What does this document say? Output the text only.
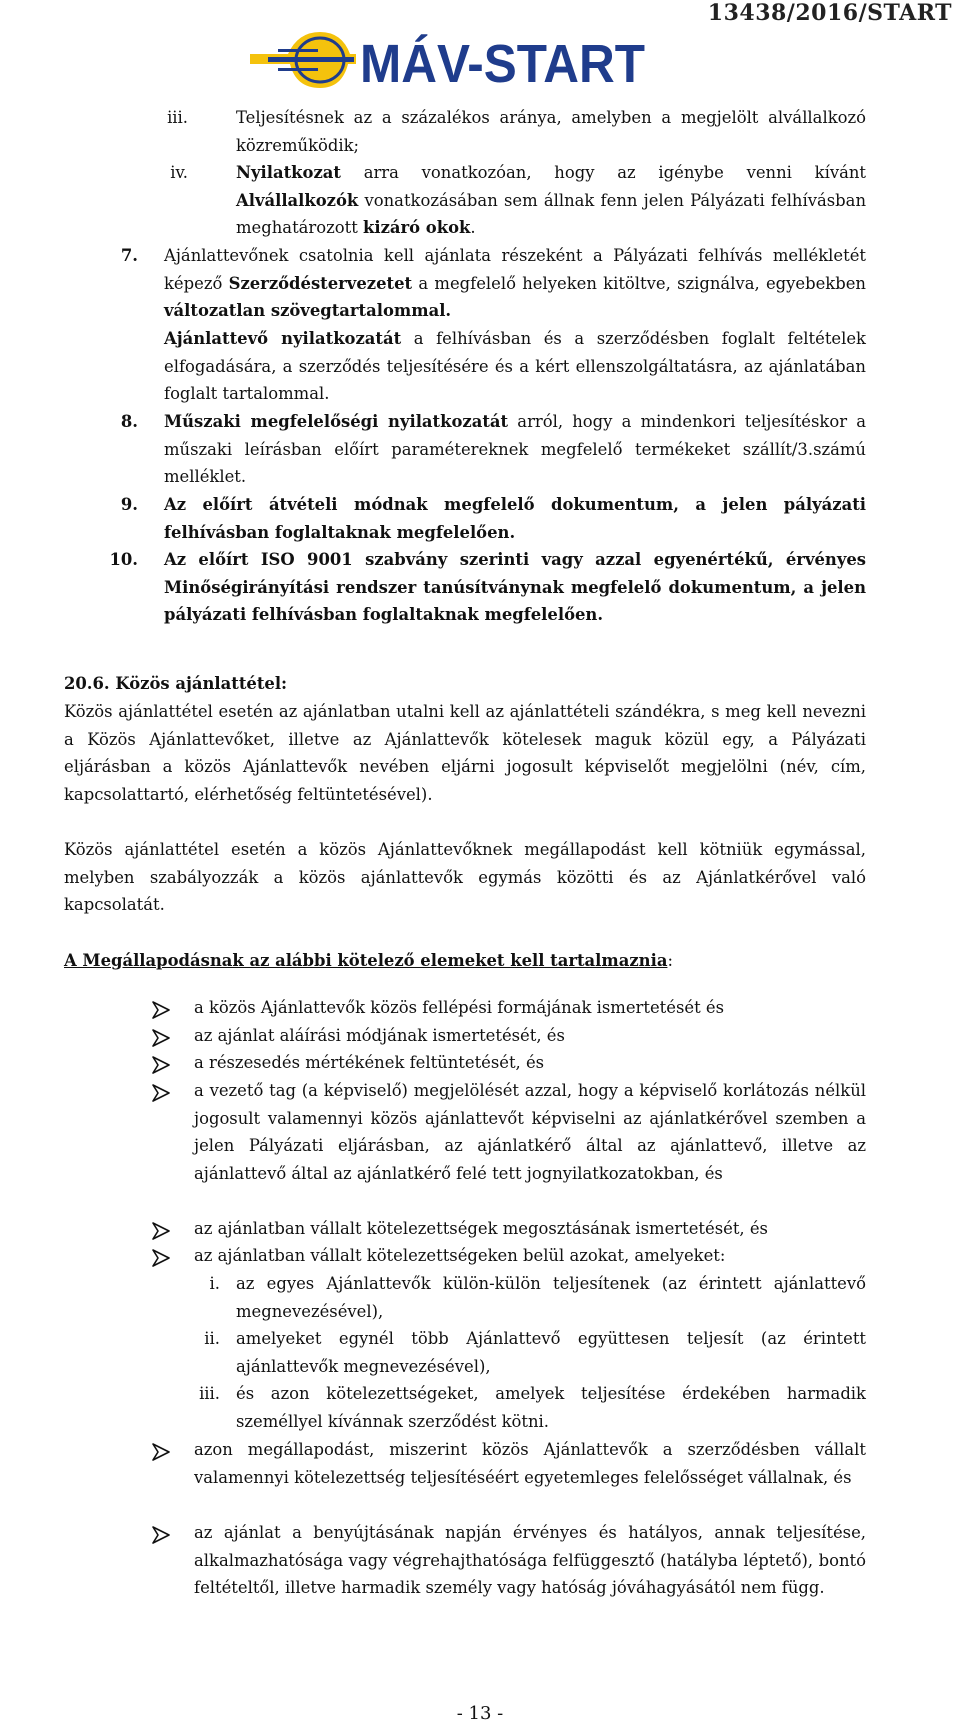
13438/2016/START
MÁV-START
iii.	Teljesítésnek az a százalékos aránya, amelyben a megjelölt alvállalkozó közreműködik;
iv.	Nyilatkozat arra vonatkozóan, hogy az igénybe venni kívánt Alvállalkozók vonatkozásában sem állnak fenn jelen Pályázati felhívásban meghatározott kizáró okok.
7. Ajánlattevőnek csatolnia kell ajánlata részeként a Pályázati felhívás mellékletét képező Szerződéstervezetet a megfelelő helyeken kitöltve, szignálva, egyebekben változatlan szövegtartalommal.
Ajánlattevő nyilatkozatát a felhívásban és a szerződésben foglalt feltételek elfogadására, a szerződés teljesítésére és a kért ellenszolgáltatásra, az ajánlatában foglalt tartalommal.
8. Műszaki megfelelőségi nyilatkozatát arról, hogy a mindenkori teljesítéskor a műszaki leírásban előírt paramétereknek megfelelő termékeket szállít/3.számú melléklet.
9. Az előírt átvételi módnak megfelelő dokumentum, a jelen pályázati felhívásban foglaltaknak megfelelően.
10. Az előírt ISO 9001 szabvány szerinti vagy azzal egyenértékű, érvényes Minőségirányítási rendszer tanúsítványnak megfelelő dokumentum, a jelen pályázati felhívásban foglaltaknak megfelelően.
20.6. Közös ajánlattétel:
Közös ajánlattétel esetén az ajánlatban utalni kell az ajánlattételi szándékra, s meg kell nevezni a Közös Ajánlattevőket, illetve az Ajánlattevők kötelesek maguk közül egy, a Pályázati eljárásban a közös Ajánlattevők nevében eljárni jogosult képviselőt megjelölni (név, cím, kapcsolattartó, elérhetőség feltüntetésével).
Közös ajánlattétel esetén a közös Ajánlattevőknek megállapodást kell kötniük egymással, melyben szabályozzák a közös ajánlattevők egymás közötti és az Ajánlatkérővel való kapcsolatát.
A Megállapodásnak az alábbi kötelező elemeket kell tartalmaznia:
a közös Ajánlattevők közös fellépési formájának ismertetését és
az ajánlat aláírási módjának ismertetését, és
a részesedés mértékének feltüntetését, és
a vezető tag (a képviselő) megjelölését azzal, hogy a képviselő korlátozás nélkül jogosult valamennyi közös ajánlattevőt képviselni az ajánlatkérővel szemben a jelen Pályázati eljárásban, az ajánlatkérő által az ajánlattevő, illetve az ajánlattevő által az ajánlatkérő felé tett jognyilatkozatokban, és
az ajánlatban vállalt kötelezettségek megosztásának ismertetését, és
az ajánlatban vállalt kötelezettségeken belül azokat, amelyeket:
i. az egyes Ajánlattevők külön-külön teljesítenek (az érintett ajánlattevő megnevezésével),
ii. amelyeket egynél több Ajánlattevő együttesen teljesít (az érintett ajánlattevők megnevezésével),
iii. és azon kötelezettségeket, amelyek teljesítése érdekében harmadik személlyel kívánnak szerződést kötni.
azon megállapodást, miszerint közös Ajánlattevők a szerződésben vállalt valamennyi kötelezettség teljesítéséért egyetemleges felelősséget vállalnak, és
az ajánlat a benyújtásának napján érvényes és hatályos, annak teljesítése, alkalmazhatósága vagy végrehajthatósága felfüggesztő (hatályba léptető), bontó feltételtől, illetve harmadik személy vagy hatóság jóváhagyásától nem függ.
- 13 -
